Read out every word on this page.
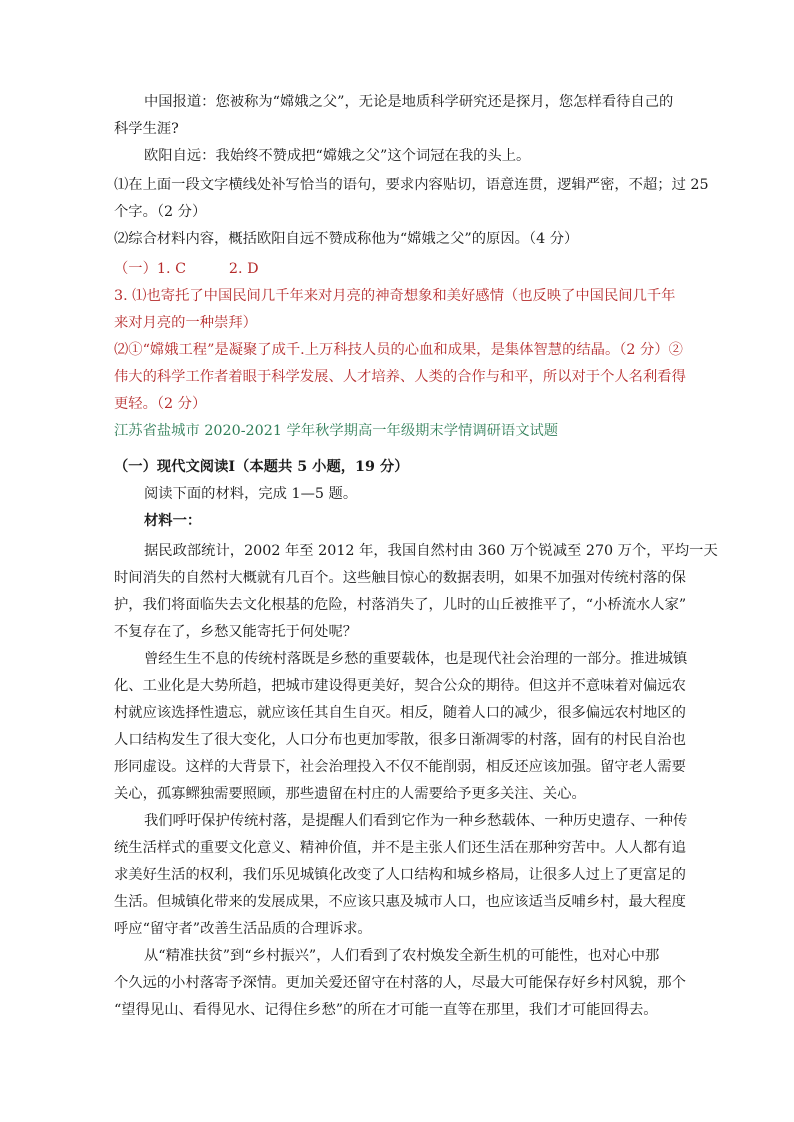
中国报道：您被称为“嫦娥之父”，无论是地质科学研究还是探月，您怎样看待自己的

科学生涯?

欧阳自远：我始终不赞成把“嫦娥之父”这个词冠在我的头上。

⑴在上面一段文字横线处补写恰当的语句，要求内容贴切，语意连贯，逻辑严密，不超；过 25

个字。（2 分）

⑵综合材料内容，概括欧阳自远不赞成称他为“嫦娥之父”的原因。（4 分）

（一）1. C　　　2. D

3. ⑴也寄托了中国民间几千年来对月亮的神奇想象和美好感情（也反映了中国民间几千年

来对月亮的一种崇拜）

⑵①“嫦娥工程”是凝聚了成千.上万科技人员的心血和成果，是集体智慧的结晶。（2 分）②

伟大的科学工作者着眼于科学发展、人才培养、人类的合作与和平，所以对于个人名利看得

更轻。（2 分）

江苏省盐城市 2020-2021 学年秋学期高一年级期末学情调研语文试题

（一）现代文阅读Ⅰ（本题共 5 小题，19 分）

阅读下面的材料，完成 1—5 题。

材料一：

据民政部统计，2002 年至 2012 年，我国自然村由 360 万个锐减至 270 万个，平均一天

时间消失的自然村大概就有几百个。这些触目惊心的数据表明，如果不加强对传统村落的保

护，我们将面临失去文化根基的危险，村落消失了，儿时的山丘被推平了，“小桥流水人家”

不复存在了，乡愁又能寄托于何处呢？

曾经生生不息的传统村落既是乡愁的重要载体，也是现代社会治理的一部分。推进城镇

化、工业化是大势所趋，把城市建设得更美好，契合公众的期待。但这并不意味着对偏远农

村就应该选择性遗忘，就应该任其自生自灭。相反，随着人口的减少，很多偏远农村地区的

人口结构发生了很大变化，人口分布也更加零散，很多日渐凋零的村落，固有的村民自治也

形同虚设。这样的大背景下，社会治理投入不仅不能削弱，相反还应该加强。留守老人需要

关心，孤寡鳏独需要照顾，那些遗留在村庄的人需要给予更多关注、关心。

我们呼吁保护传统村落，是提醒人们看到它作为一种乡愁载体、一种历史遗存、一种传

统生活样式的重要文化意义、精神价值，并不是主张人们还生活在那种穷苦中。人人都有追

求美好生活的权利，我们乐见城镇化改变了人口结构和城乡格局，让很多人过上了更富足的

生活。但城镇化带来的发展成果，不应该只惠及城市人口，也应该适当反哺乡村，最大程度

呼应“留守者”改善生活品质的合理诉求。

从“精准扶贫”到“乡村振兴”，人们看到了农村焕发全新生机的可能性，也对心中那

个久远的小村落寄予深情。更加关爱还留守在村落的人，尽最大可能保存好乡村风貌，那个

“望得见山、看得见水、记得住乡愁”的所在才可能一直等在那里，我们才可能回得去。
